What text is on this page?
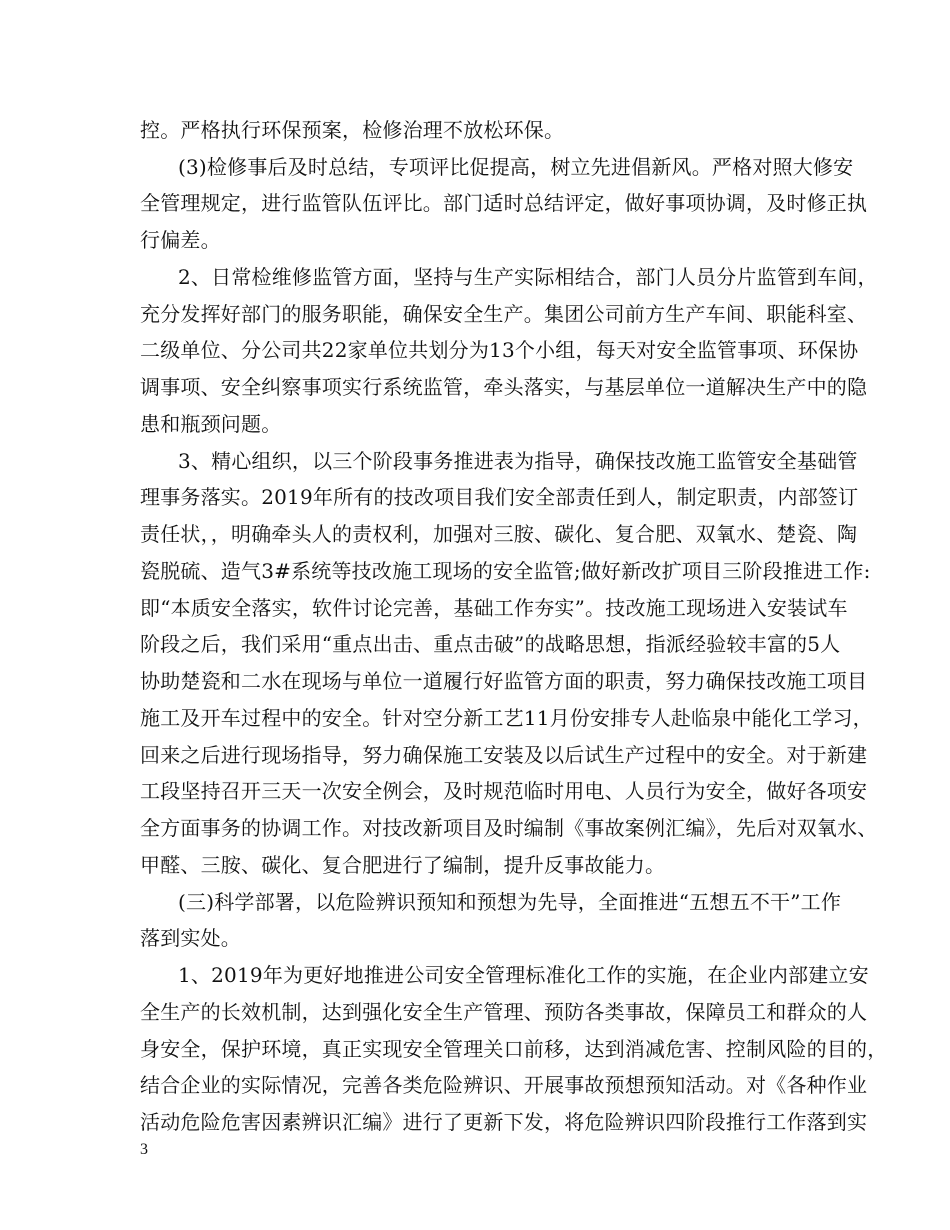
控。严格执行环保预案，检修治理不放松环保。
(3)检修事后及时总结，专项评比促提高，树立先进倡新风。严格对照大修安
全管理规定，进行监管队伍评比。部门适时总结评定，做好事项协调，及时修正执
行偏差。
2、日常检维修监管方面，坚持与生产实际相结合，部门人员分片监管到车间，
充分发挥好部门的服务职能，确保安全生产。集团公司前方生产车间、职能科室、
二级单位、分公司共22家单位共划分为13个小组，每天对安全监管事项、环保协
调事项、安全纠察事项实行系统监管，牵头落实，与基层单位一道解决生产中的隐
患和瓶颈问题。
3、精心组织，以三个阶段事务推进表为指导，确保技改施工监管安全基础管
理事务落实。2019年所有的技改项目我们安全部责任到人，制定职责，内部签订
责任状，，明确牵头人的责权利，加强对三胺、碳化、复合肥、双氧水、楚瓷、陶
瓷脱硫、造气3#系统等技改施工现场的安全监管;做好新改扩项目三阶段推进工作:
即“本质安全落实，软件讨论完善，基础工作夯实”。技改施工现场进入安装试车
阶段之后，我们采用“重点出击、重点击破”的战略思想，指派经验较丰富的5人
协助楚瓷和二水在现场与单位一道履行好监管方面的职责，努力确保技改施工项目
施工及开车过程中的安全。针对空分新工艺11月份安排专人赴临泉中能化工学习，
回来之后进行现场指导，努力确保施工安装及以后试生产过程中的安全。对于新建
工段坚持召开三天一次安全例会，及时规范临时用电、人员行为安全，做好各项安
全方面事务的协调工作。对技改新项目及时编制《事故案例汇编》，先后对双氧水、
甲醛、三胺、碳化、复合肥进行了编制，提升反事故能力。
(三)科学部署，以危险辨识预知和预想为先导，全面推进“五想五不干”工作
落到实处。
1、2019年为更好地推进公司安全管理标准化工作的实施，在企业内部建立安
全生产的长效机制，达到强化安全生产管理、预防各类事故，保障员工和群众的人
身安全，保护环境，真正实现安全管理关口前移，达到消减危害、控制风险的目的，
结合企业的实际情况，完善各类危险辨识、开展事故预想预知活动。对《各种作业
活动危险危害因素辨识汇编》进行了更新下发，将危险辨识四阶段推行工作落到实
3
